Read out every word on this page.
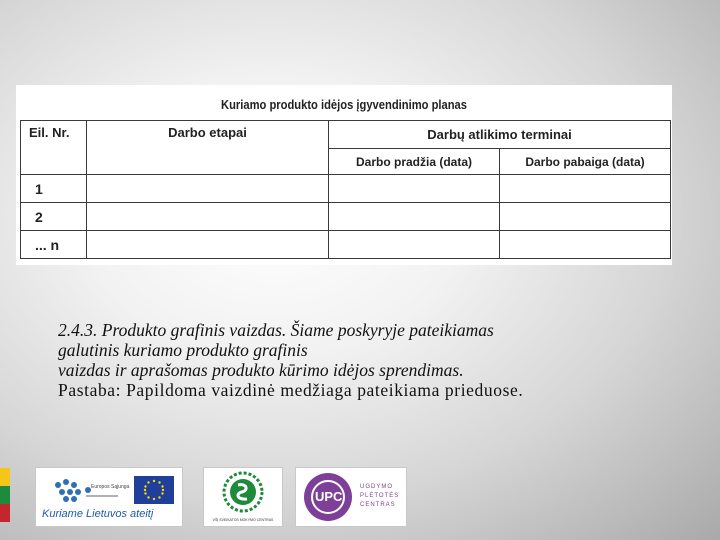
Kuriamo produkto idėjos įgyvendinimo planas
Eil. Nr.	Darbo etapai	Darbų atlikimo terminai	
		Darbo pradžia (data)	Darbo pabaiga (data)
1			
2			
... n			
2.4.3. Produkto grafinis vaizdas. Šiame poskyryje pateikiamas
galutinis kuriamo produkto grafinis
vaizdas ir aprašomas produkto kūrimo idėjos sprendimas.
Pastaba: Papildoma vaizdinė medžiaga pateikiama prieduose.
Europos Sąjunga
Kuriame Lietuvos ateitį	VŠĮ SVEIKATOS MOKYMO CENTRAS
UPC
UGDYMO
PLĖTOTĖS
CENTRAS
